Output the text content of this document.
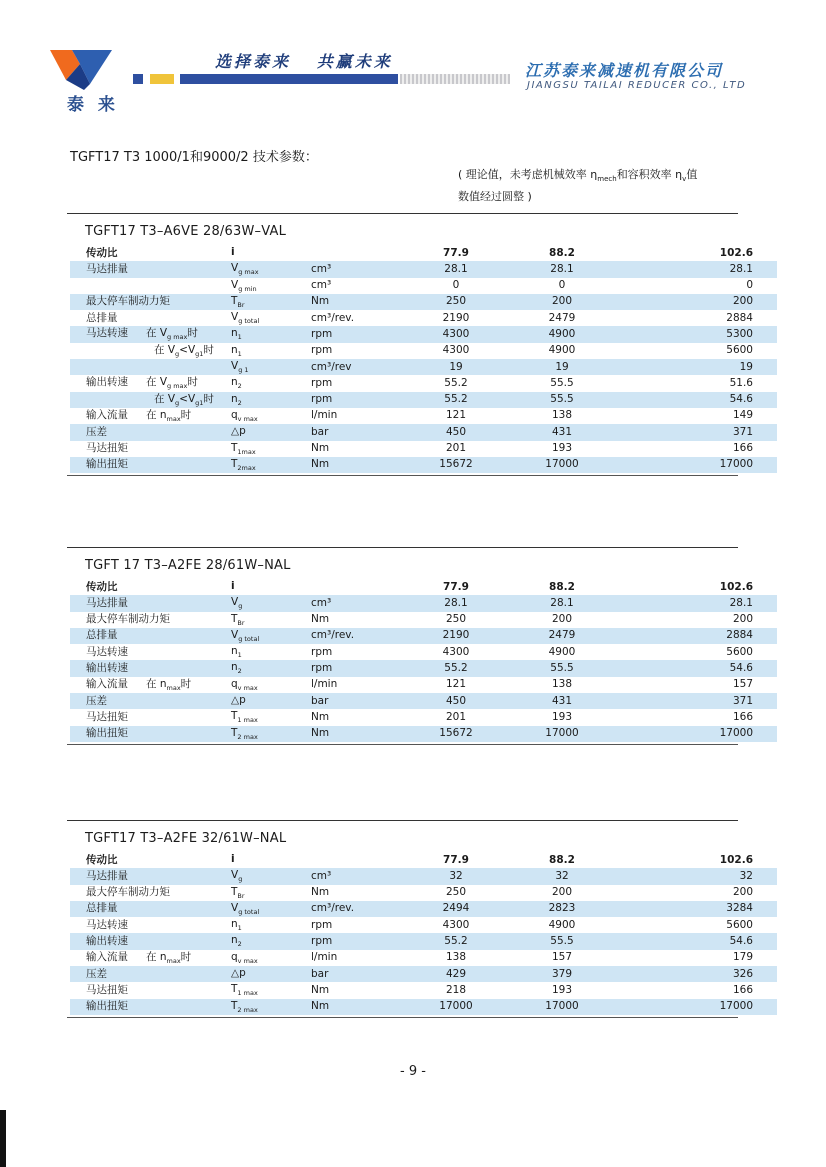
泰 来
选择泰来   共赢未来	江苏泰来减速机有限公司
JIANGSU TAILAI REDUCER CO., LTD
TGFT17 T3 1000/1和9000/2 技术参数：
( 理论值，未考虑机械效率 $\eta_{mech}$和容积效率 $\eta_v$值
数值经过圆整 )
TGFT17 T3–A6VE 28/63W–VAL
传动比	i		77.9	88.2	102.6
马达排量	$V_{g max}$	cm³	28.1	28.1	28.1
	$V_{g min}$	cm³	0	0	0
最大停车制动力矩	$T_{Br}$	Nm	250	200	200
总排量	$V_{g total}$	cm³/rev.	2190	2479	2884
马达转速 在 $V_{g max}$时	$n_1$	rpm	4300	4900	5300
在 $V_g<V_{g1}$时	$n_1$	rpm	4300	4900	5600
	$V_{g 1}$	cm³/rev	19	19	19
输出转速 在 $V_{g max}$时	$n_2$	rpm	55.2	55.5	51.6
在 $V_g<V_{g1}$时	$n_2$	rpm	55.2	55.5	54.6
输入流量 在 $n_{max}$时	$q_{v max}$	l/min	121	138	149
压差	△p	bar	450	431	371
马达扭矩	$T_{1max}$	Nm	201	193	166
输出扭矩	$T_{2max}$	Nm	15672	17000	17000
TGFT 17 T3–A2FE 28/61W–NAL
传动比	i		77.9	88.2	102.6
马达排量	$V_g$	cm³	28.1	28.1	28.1
最大停车制动力矩	$T_{Br}$	Nm	250	200	200
总排量	$V_{g total}$	cm³/rev.	2190	2479	2884
马达转速	$n_1$	rpm	4300	4900	5600
输出转速	$n_2$	rpm	55.2	55.5	54.6
输入流量 在 $n_{max}$时	$q_{v max}$	l/min	121	138	157
压差	△p	bar	450	431	371
马达扭矩	$T_{1 max}$	Nm	201	193	166
输出扭矩	$T_{2 max}$	Nm	15672	17000	17000
TGFT17 T3–A2FE 32/61W–NAL
传动比	i		77.9	88.2	102.6
马达排量	$V_g$	cm³	32	32	32
最大停车制动力矩	$T_{Br}$	Nm	250	200	200
总排量	$V_{g total}$	cm³/rev.	2494	2823	3284
马达转速	$n_1$	rpm	4300	4900	5600
输出转速	$n_2$	rpm	55.2	55.5	54.6
输入流量 在 $n_{max}$时	$q_{v max}$	l/min	138	157	179
压差	△p	bar	429	379	326
马达扭矩	$T_{1 max}$	Nm	218	193	166
输出扭矩	$T_{2 max}$	Nm	17000	17000	17000
- 9 -
